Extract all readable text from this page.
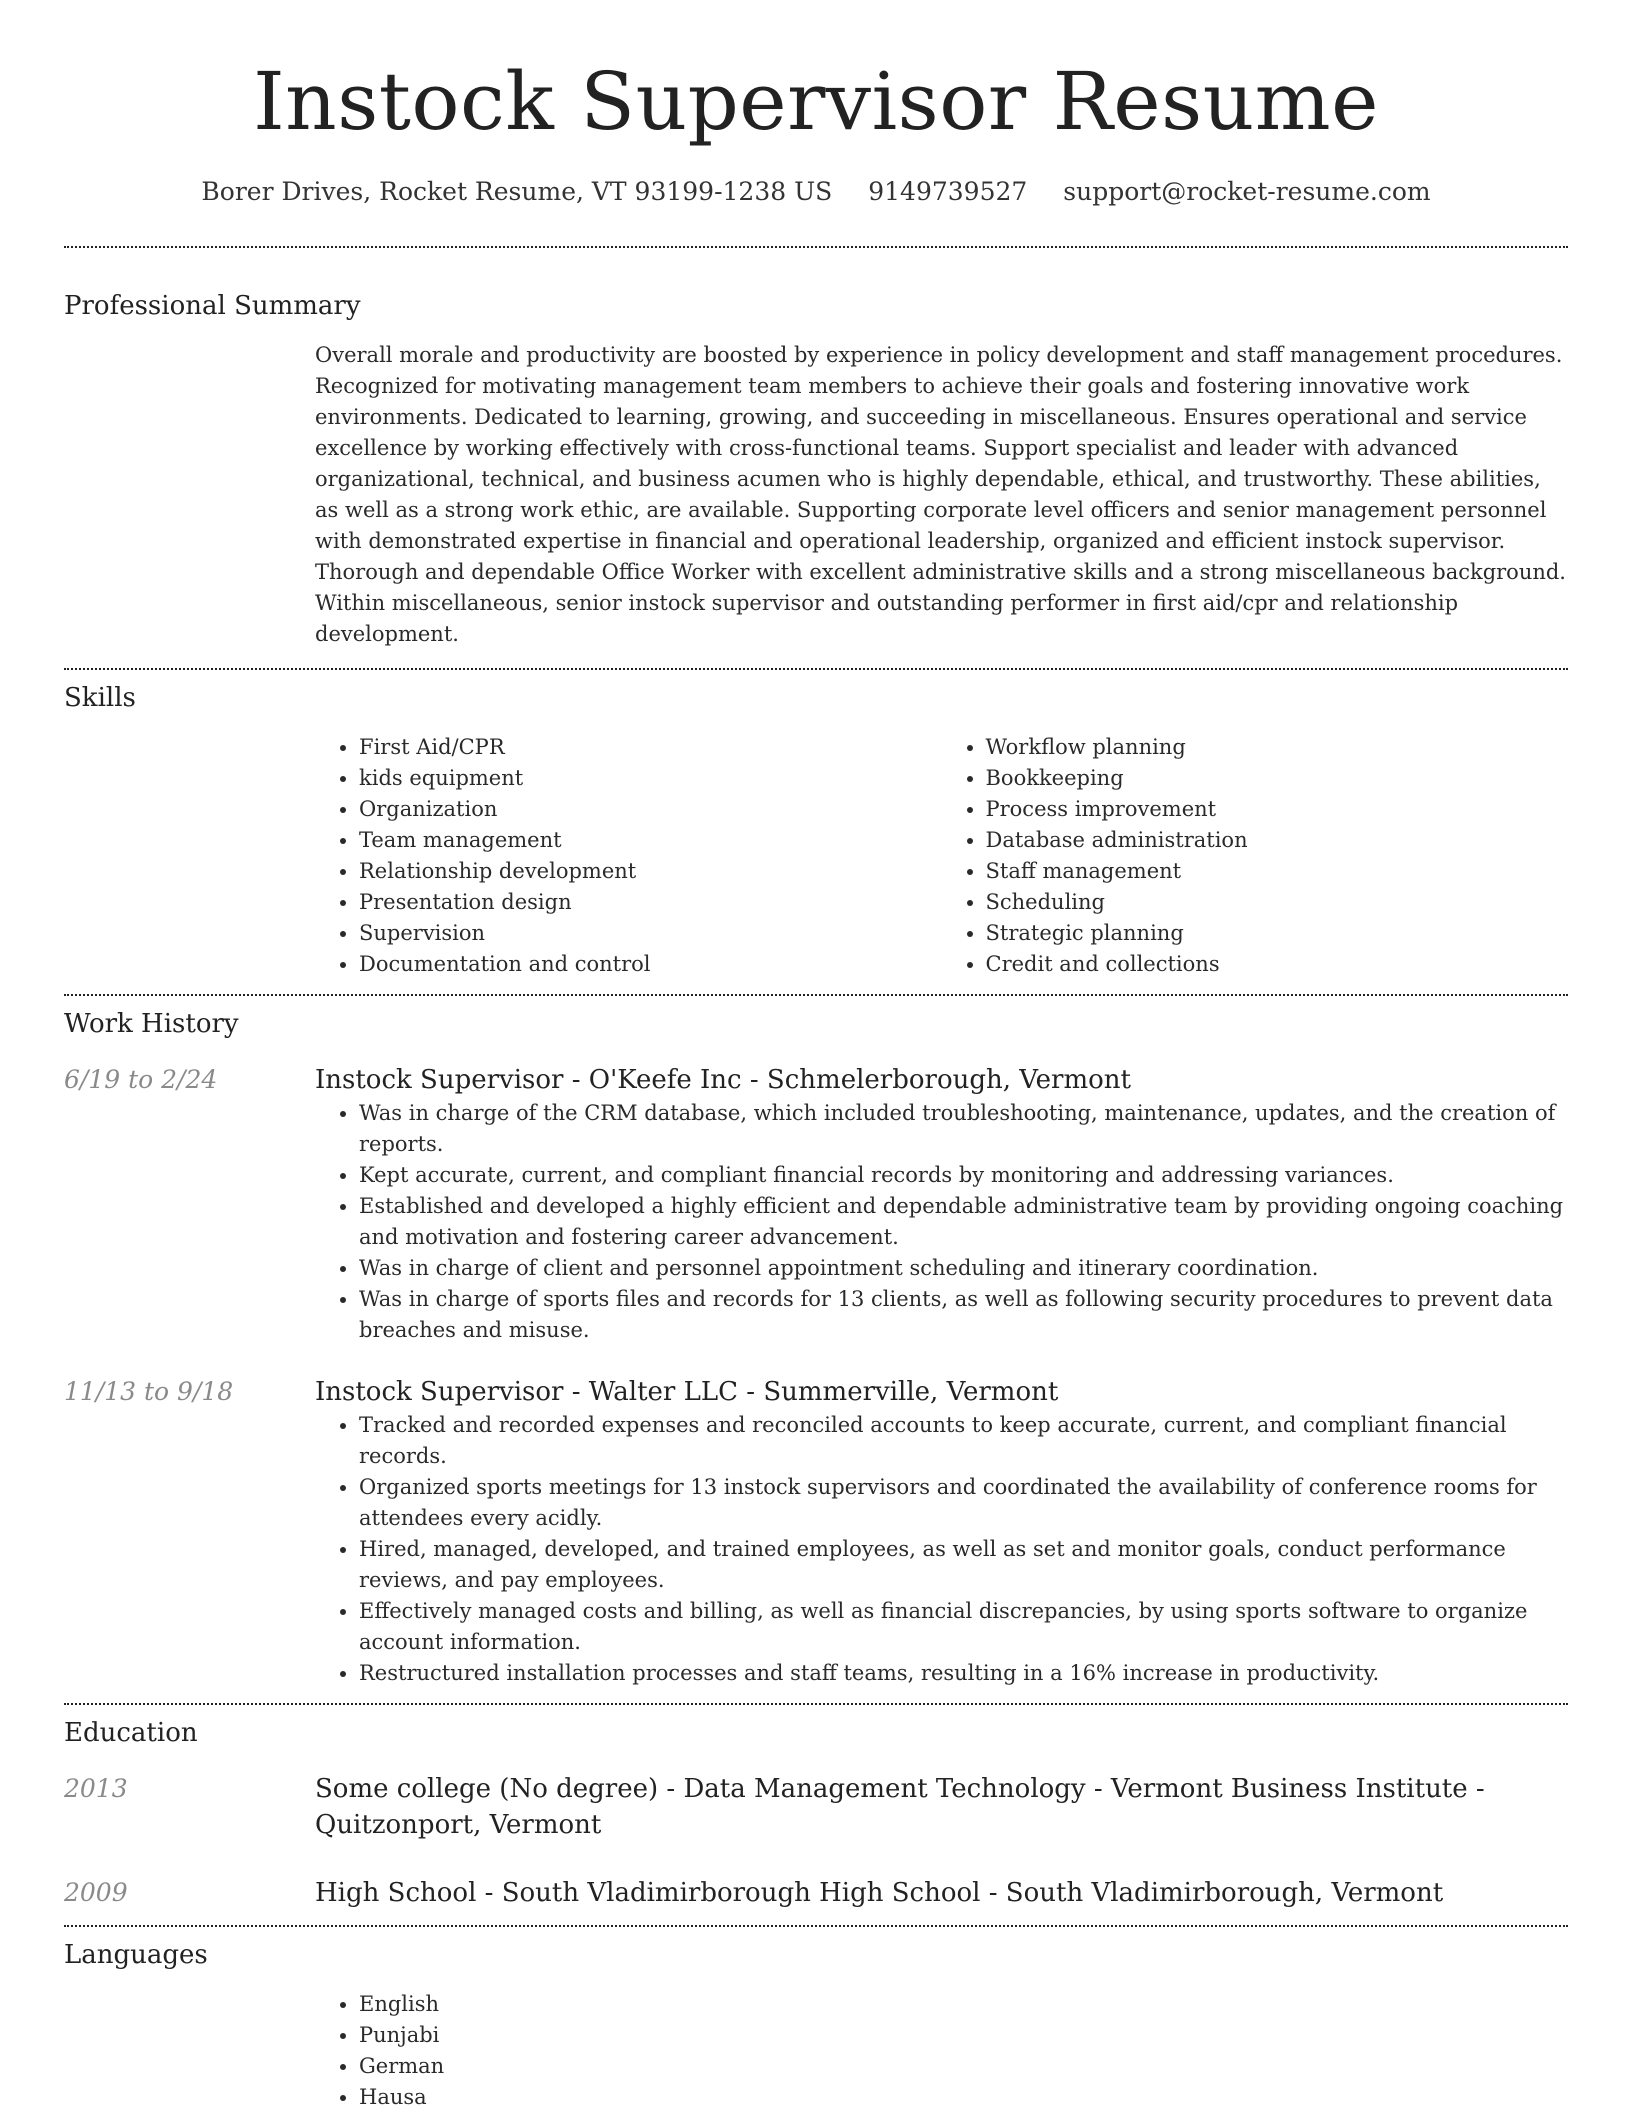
Instock Supervisor Resume
Borer Drives, Rocket Resume, VT 93199-1238 US 9149739527 support@rocket-resume.com
Professional Summary

Overall morale and productivity are boosted by experience in policy development and staff management procedures. Recognized for motivating management team members to achieve their goals and fostering innovative work environments. Dedicated to learning, growing, and succeeding in miscellaneous. Ensures operational and service excellence by working effectively with cross-functional teams. Support specialist and leader with advanced organizational, technical, and business acumen who is highly dependable, ethical, and trustworthy. These abilities, as well as a strong work ethic, are available. Supporting corporate level officers and senior management personnel with demonstrated expertise in financial and operational leadership, organized and efficient instock supervisor. Thorough and dependable Office Worker with excellent administrative skills and a strong miscellaneous background. Within miscellaneous, senior instock supervisor and outstanding performer in first aid/cpr and relationship development.

Skills
• First Aid/CPR
• kids equipment
• Organization
• Team management
• Relationship development
• Presentation design
• Supervision
• Documentation and control
• Workflow planning
• Bookkeeping
• Process improvement
• Database administration
• Staff management
• Scheduling
• Strategic planning
• Credit and collections
Work History
6/19 to 2/24	Instock Supervisor - O'Keefe Inc - Schmelerborough, Vermont
• Was in charge of the CRM database, which included troubleshooting, maintenance, updates, and the creation of reports.
• Kept accurate, current, and compliant financial records by monitoring and addressing variances.
• Established and developed a highly efficient and dependable administrative team by providing ongoing coaching and motivation and fostering career advancement.
• Was in charge of client and personnel appointment scheduling and itinerary coordination.
• Was in charge of sports files and records for 13 clients, as well as following security procedures to prevent data breaches and misuse.
11/13 to 9/18	Instock Supervisor - Walter LLC - Summerville, Vermont
• Tracked and recorded expenses and reconciled accounts to keep accurate, current, and compliant financial records.
• Organized sports meetings for 13 instock supervisors and coordinated the availability of conference rooms for attendees every acidly.
• Hired, managed, developed, and trained employees, as well as set and monitor goals, conduct performance reviews, and pay employees.
• Effectively managed costs and billing, as well as financial discrepancies, by using sports software to organize account information.
• Restructured installation processes and staff teams, resulting in a 16% increase in productivity.
Education
2013	Some college (No degree) - Data Management Technology - Vermont Business Institute - Quitzonport, Vermont
2009	High School - South Vladimirborough High School - South Vladimirborough, Vermont
Languages
• English
• Punjabi
• German
• Hausa
